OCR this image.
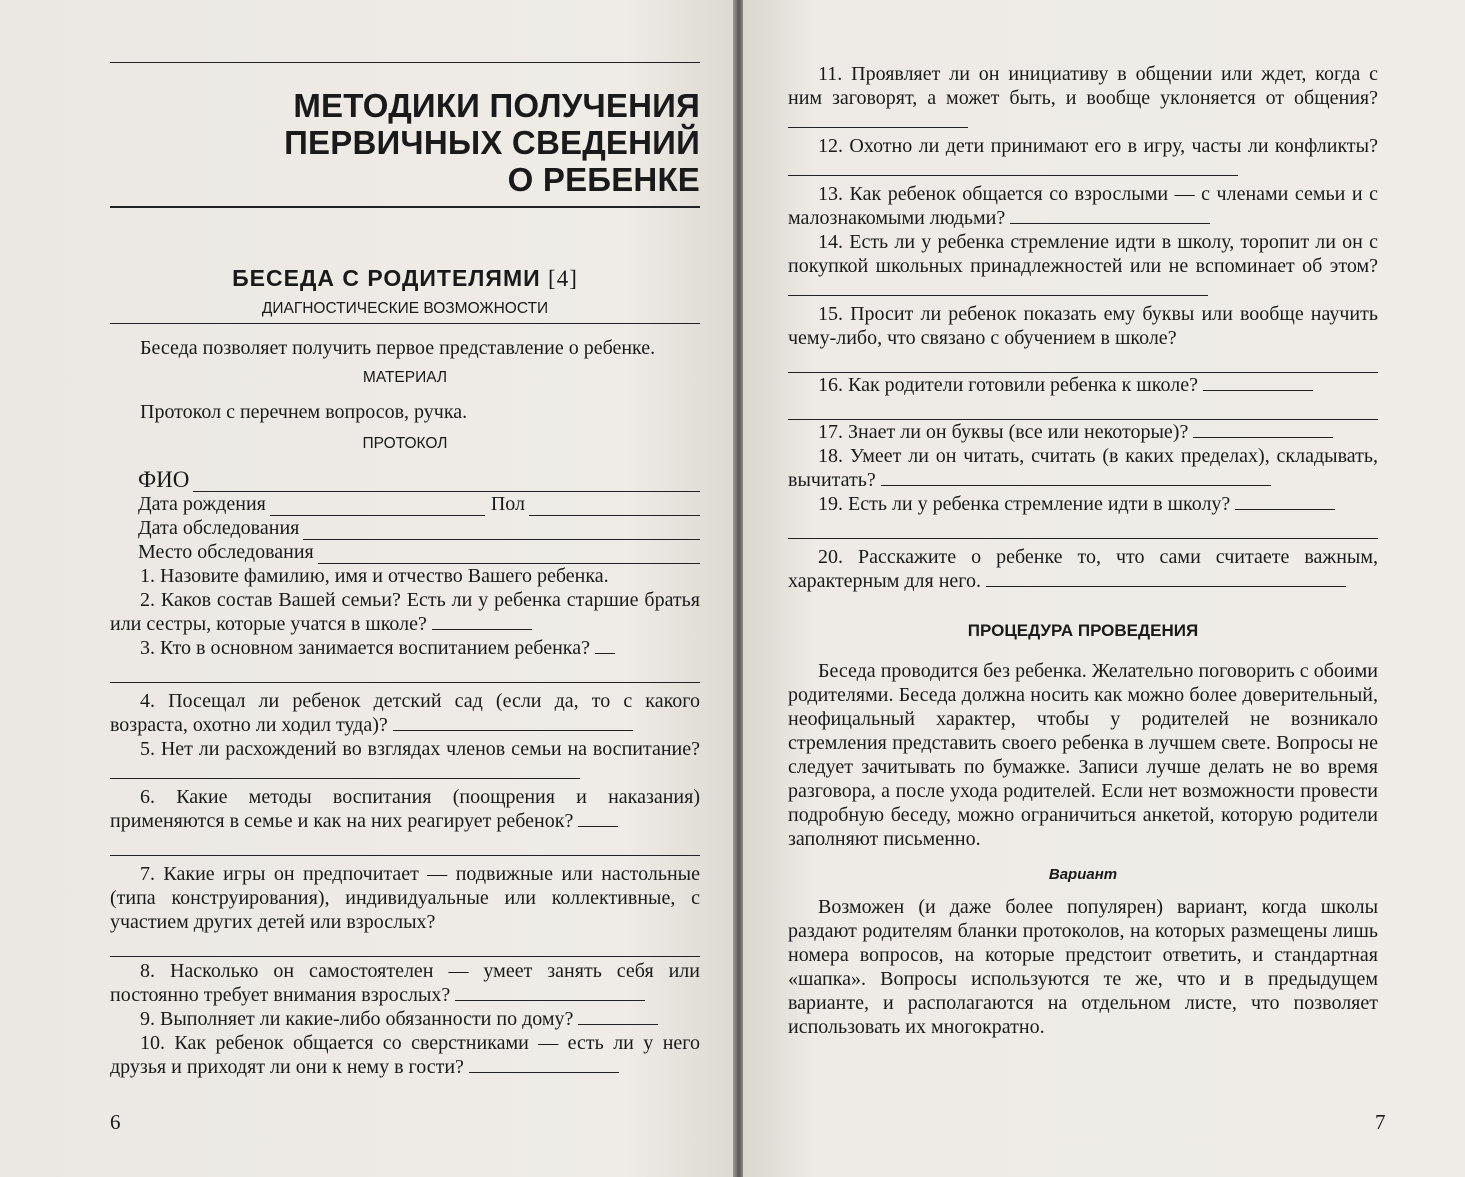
МЕТОДИКИ ПОЛУЧЕНИЯ
ПЕРВИЧНЫХ СВЕДЕНИЙ
О РЕБЕНКЕ
БЕСЕДА С РОДИТЕЛЯМИ [4]
ДИАГНОСТИЧЕСКИЕ ВОЗМОЖНОСТИ
Беседа позволяет получить первое представление о ребенке.
МАТЕРИАЛ
Протокол с перечнем вопросов, ручка.
ПРОТОКОЛ
ФИО
Дата рождения	Пол
Дата обследования
Место обследования
1. Назовите фамилию, имя и отчество Вашего ребенка.
2. Каков состав Вашей семьи? Есть ли у ребенка старшие братья или сестры, которые учатся в школе?
3. Кто в основном занимается воспитанием ребенка?
4. Посещал ли ребенок детский сад (если да, то с какого возраста, охотно ли ходил туда)?
5. Нет ли расхождений во взглядах членов семьи на воспитание?
6. Какие методы воспитания (поощрения и наказания) применяются в семье и как на них реагирует ребенок?
7. Какие игры он предпочитает — подвижные или настольные (типа конструирования), индивидуальные или коллективные, с участием других детей или взрослых?
8. Насколько он самостоятелен — умеет занять себя или постоянно требует внимания взрослых?
9. Выполняет ли какие-либо обязанности по дому?
10. Как ребенок общается со сверстниками — есть ли у него друзья и приходят ли они к нему в гости?
6
11. Проявляет ли он инициативу в общении или ждет, когда с ним заговорят, а может быть, и вообще уклоняется от общения?
12. Охотно ли дети принимают его в игру, часты ли конфликты?
13. Как ребенок общается со взрослыми — с членами семьи и с малознакомыми людьми?
14. Есть ли у ребенка стремление идти в школу, торопит ли он с покупкой школьных принадлежностей или не вспоминает об этом?
15. Просит ли ребенок показать ему буквы или вообще научить чему-либо, что связано с обучением в школе?
16. Как родители готовили ребенка к школе?
17. Знает ли он буквы (все или некоторые)?
18. Умеет ли он читать, считать (в каких пределах), складывать, вычитать?
19. Есть ли у ребенка стремление идти в школу?
20. Расскажите о ребенке то, что сами считаете важным, характерным для него.
ПРОЦЕДУРА ПРОВЕДЕНИЯ
Беседа проводится без ребенка. Желательно поговорить с обоими родителями. Беседа должна носить как можно более доверительный, неофицальный характер, чтобы у родителей не возникало стремления представить своего ребенка в лучшем свете. Вопросы не следует зачитывать по бумажке. Записи лучше делать не во время разговора, а после ухода родителей. Если нет возможности провести подробную беседу, можно ограничиться анкетой, которую родители заполняют письменно.
Вариант
Возможен (и даже более популярен) вариант, когда школы раздают родителям бланки протоколов, на которых размещены лишь номера вопросов, на которые предстоит ответить, и стандартная «шапка». Вопросы используются те же, что и в предыдущем варианте, и располагаются на отдельном листе, что позволяет использовать их многократно.
7
